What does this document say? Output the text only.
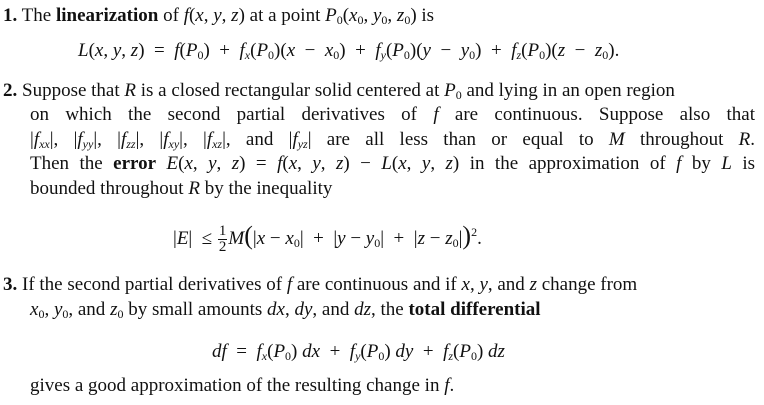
1. The linearization of f(x, y, z) at a point $P_0(x_0$, $y_0$, $z_0$) is
L(x, y, $z) = f(P_0) + f_x(P_0)(x - x_0) + f_y(P_0)(y - y_0) + f_z(P_0)(z - z_0)$.
2. Suppose that R is a closed rectangular solid centered at $P_0$ and lying in an open region
on which the second partial derivatives of f are continuous. Suppose also that
$|f_{xx}|$, $|f_{yy}|$, $|f_{zz}|$, $|f_{xy}|$, $|f_{xz}|$, and $|f_{yz}|$ are all less than or equal to M throughout R.
Then the error E(x, y, z) = f(x, y, z) − L(x, y, z) in the approximation of f by L is
bounded throughout R by the inequality
$|E| \le \frac{1}{2} M(|x - x_0| + |y - y_0| + |z - z_0|)^2$.
3. If the second partial derivatives of f are continuous and if x, y, and z change from
$x_0$, $y_0$, and $z_0$ by small amounts dx, dy, and dz, the total differential
df  =  $f_x(P_0)$ dx  +  $f_y(P_0)$ dy  +  $f_z(P_0)$ dz
gives a good approximation of the resulting change in f.
